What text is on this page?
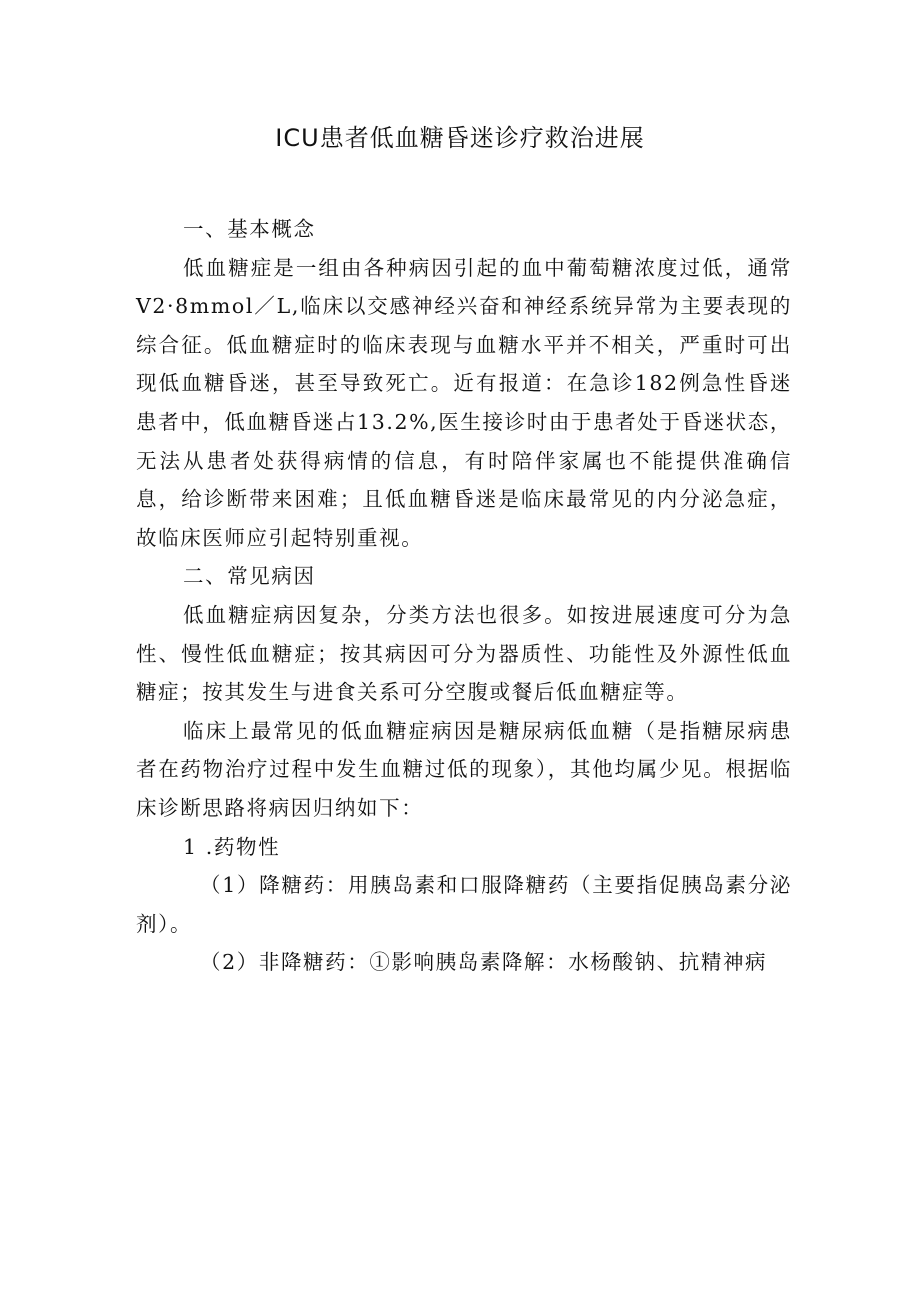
ICU患者低血糖昏迷诊疗救治进展

一、基本概念

低血糖症是一组由各种病因引起的血中葡萄糖浓度过低，通常V2·8mmol／L,临床以交感神经兴奋和神经系统异常为主要表现的综合征。低血糖症时的临床表现与血糖水平并不相关，严重时可出现低血糖昏迷，甚至导致死亡。近有报道：在急诊182例急性昏迷患者中，低血糖昏迷占13.2%,医生接诊时由于患者处于昏迷状态，无法从患者处获得病情的信息，有时陪伴家属也不能提供准确信息，给诊断带来困难；且低血糖昏迷是临床最常见的内分泌急症，故临床医师应引起特别重视。

二、常见病因

低血糖症病因复杂，分类方法也很多。如按进展速度可分为急性、慢性低血糖症；按其病因可分为器质性、功能性及外源性低血糖症；按其发生与进食关系可分空腹或餐后低血糖症等。

临床上最常见的低血糖症病因是糖尿病低血糖（是指糖尿病患者在药物治疗过程中发生血糖过低的现象），其他均属少见。根据临床诊断思路将病因归纳如下：

1 .药物性

（1）降糖药：用胰岛素和口服降糖药（主要指促胰岛素分泌剂）。

（2）非降糖药：①影响胰岛素降解：水杨酸钠、抗精神病
